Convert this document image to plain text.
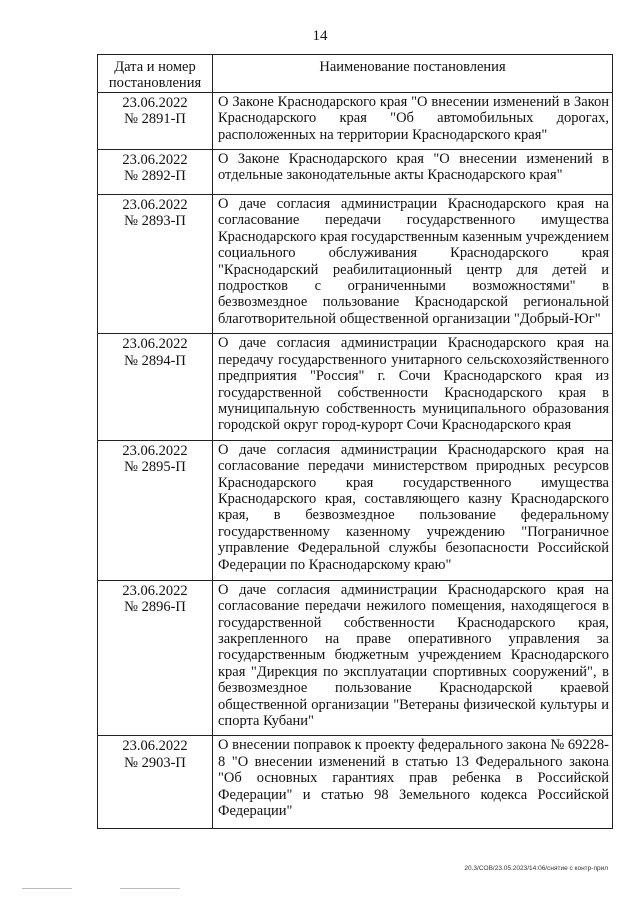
14
Дата и номер постановления	Наименование постановления

23.06.2022
№ 2891-П	О Законе Краснодарского края "О внесении изменений в Закон Краснодарского края "Об автомобильных дорогах, расположенных на территории Краснодарского края"

23.06.2022
№ 2892-П	О Законе Краснодарского края "О внесении изменений в отдельные законодательные акты Краснодарского края"

23.06.2022
№ 2893-П	О даче согласия администрации Краснодарского края на согласование передачи государственного имущества Краснодарского края государственным казенным учреждением социального обслуживания Краснодарского края "Краснодарский реабилитационный центр для детей и подростков с ограниченными возможностями" в безвозмездное пользование Краснодарской региональной благотворительной общественной организации "Добрый-Юг"

23.06.2022
№ 2894-П	О даче согласия администрации Краснодарского края на передачу государственного унитарного сельскохозяйственного предприятия "Россия" г. Сочи Краснодарского края из государственной собственности Краснодарского края в муниципальную собственность муниципального образования городской округ город-курорт Сочи Краснодарского края

23.06.2022
№ 2895-П	О даче согласия администрации Краснодарского края на согласование передачи министерством природных ресурсов Краснодарского края государственного имущества Краснодарского края, составляющего казну Краснодарского края, в безвозмездное пользование федеральному государственному казенному учреждению "Пограничное управление Федеральной службы безопасности Российской Федерации по Краснодарскому краю"

23.06.2022
№ 2896-П	О даче согласия администрации Краснодарского края на согласование передачи нежилого помещения, находящегося в государственной собственности Краснодарского края, закрепленного на праве оперативного управления за государственным бюджетным учреждением Краснодарского края "Дирекция по эксплуатации спортивных сооружений", в безвозмездное пользование Краснодарской краевой общественной организации "Ветераны физической культуры и спорта Кубани"

23.06.2022
№ 2903-П	О внесении поправок к проекту федерального закона № 69228-8 "О внесении изменений в статью 13 Федерального закона "Об основных гарантиях прав ребенка в Российской Федерации" и статью 98 Земельного кодекса Российской Федерации"
20.3/COB/23.05.2023/14:06/снятие с контр-прил
